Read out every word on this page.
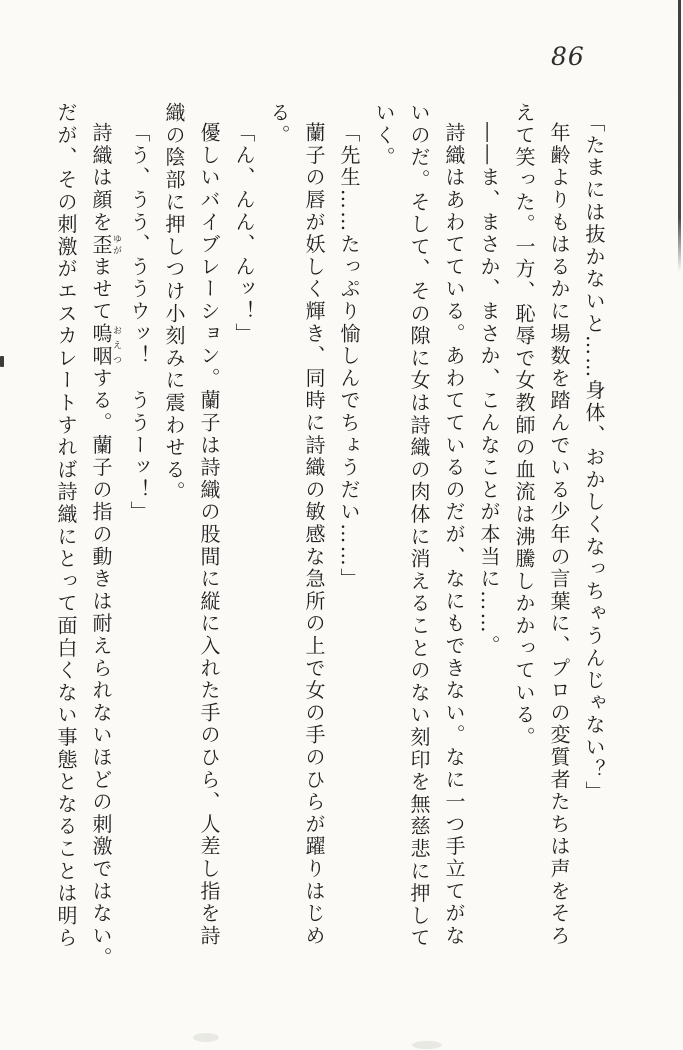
86
「たまには抜かないと……身体、おかしくなっちゃうんじゃない？」
年齢よりもはるかに場数を踏んでいる少年の言葉に、プロの変質者たちは声をそろ
えて笑った。一方、恥辱で女教師の血流は沸騰しかかっている。
――ま、まさか、まさか、こんなことが本当に……。
詩織はあわてている。あわてているのだが、なにもできない。なに一つ手立てがな
いのだ。そして、その隙に女は詩織の肉体に消えることのない刻印を無慈悲に押して
いく。
「先生……たっぷり愉しんでちょうだい……」
蘭子の唇が妖しく輝き、同時に詩織の敏感な急所の上で女の手のひらが躍りはじめ
る。
「ん、んん、んッ！」
優しいバイブレーション。蘭子は詩織の股間に縦に入れた手のひら、人差し指を詩
織の陰部に押しつけ小刻みに震わせる。
「う、うう、ううウッ！　ううーッ！」
詩織は顔を歪ゆがませて嗚咽おえつする。蘭子の指の動きは耐えられないほどの刺激ではない。
だが、その刺激がエスカレートすれば詩織にとって面白くない事態となることは明ら
